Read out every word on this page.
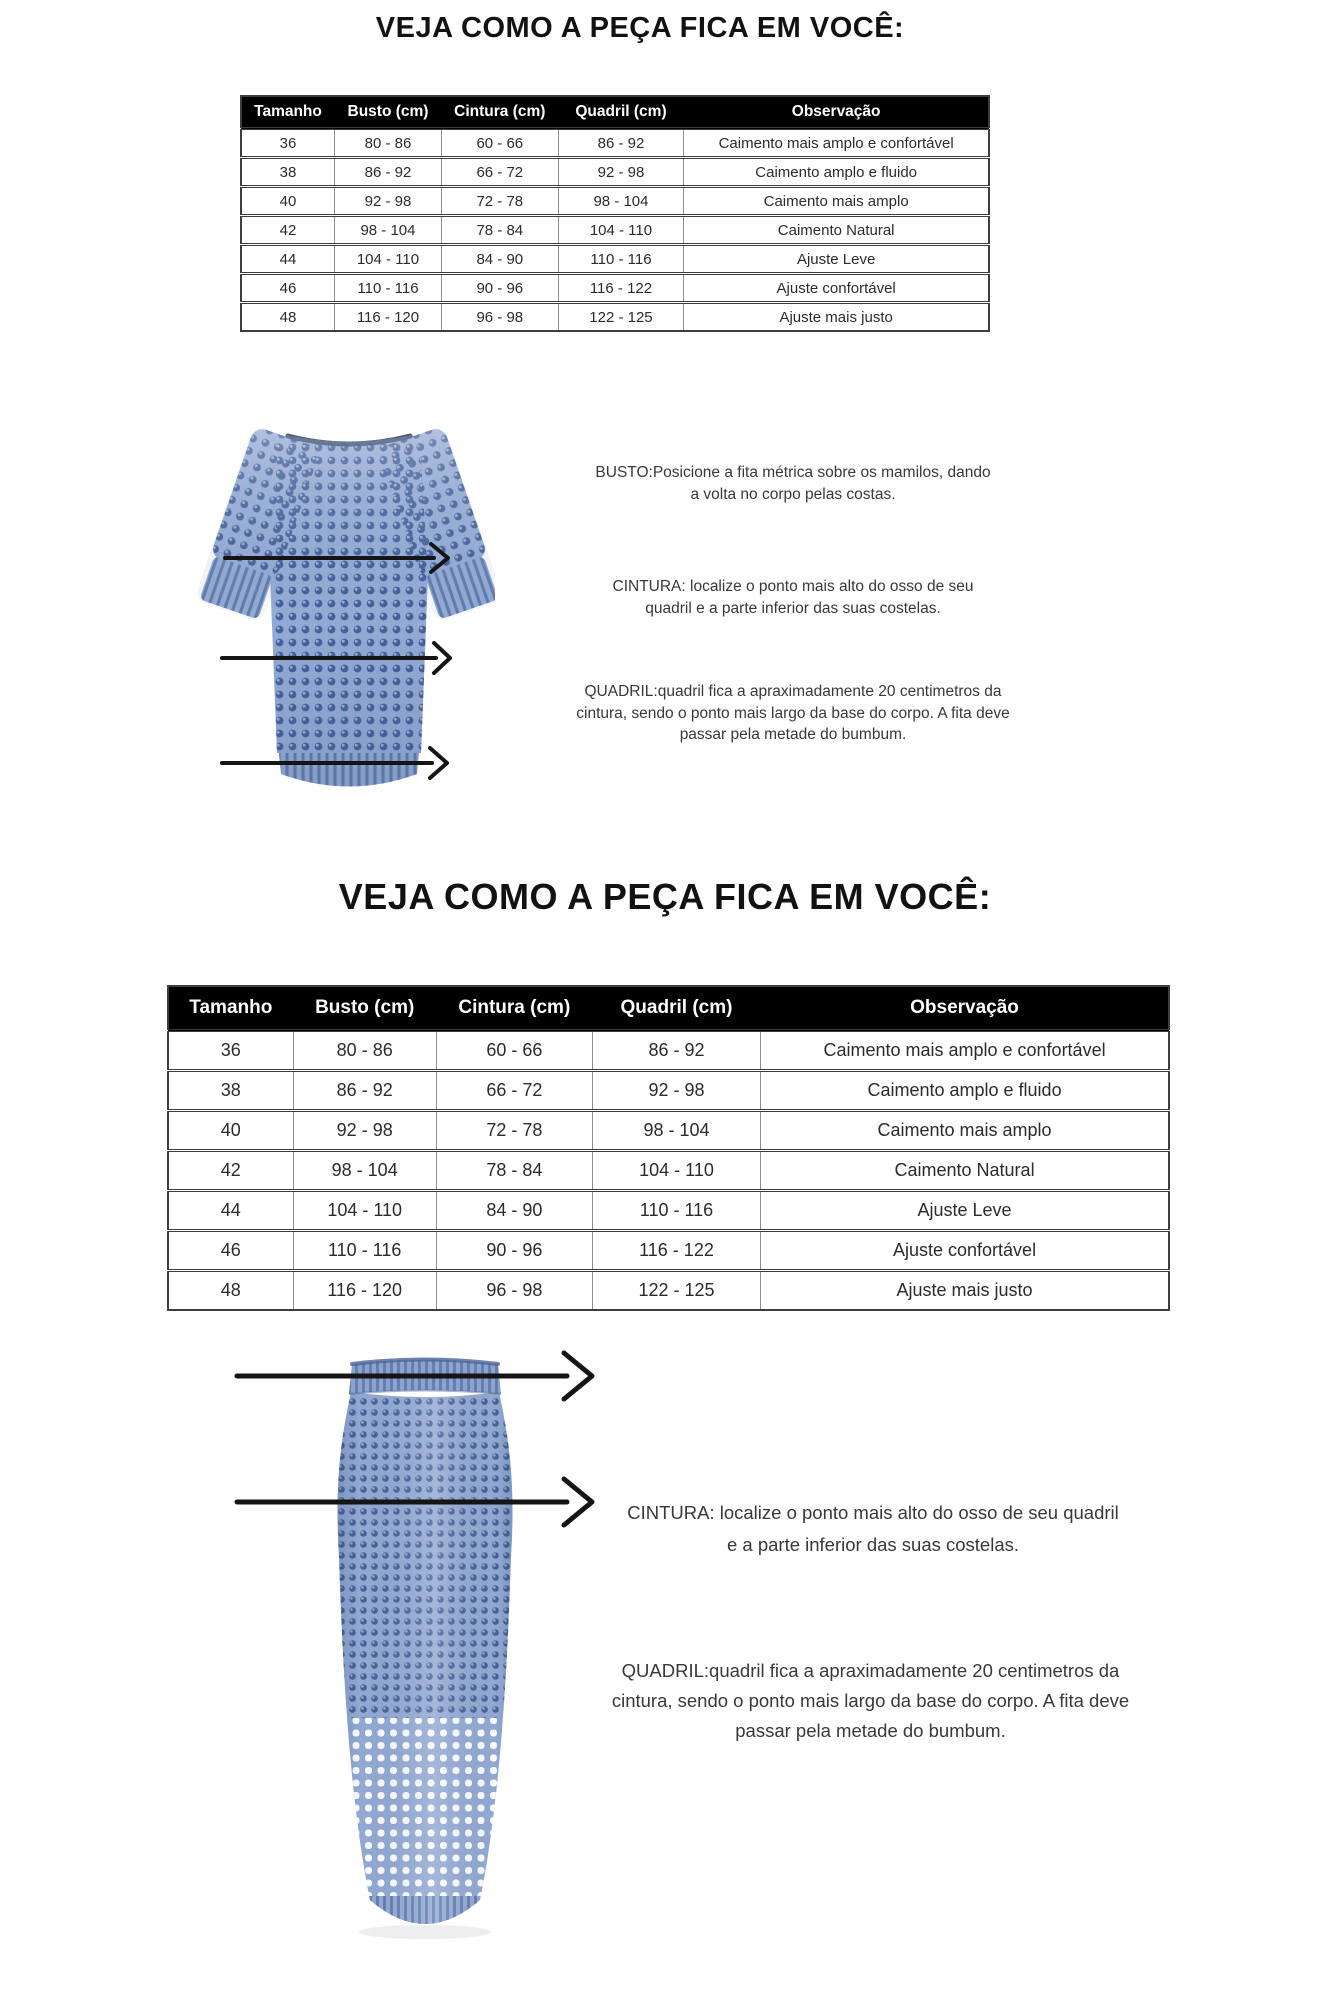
VEJA COMO A PEÇA FICA EM VOCÊ:
Tamanho	Busto (cm)	Cintura (cm)	Quadril (cm)	Observação
36	80 - 86	60 - 66	86 - 92	Caimento mais amplo e confortável
38	86 - 92	66 - 72	92 - 98	Caimento amplo e fluido
40	92 - 98	72 - 78	98 - 104	Caimento mais amplo
42	98 - 104	78 - 84	104 - 110	Caimento Natural
44	104 - 110	84 - 90	110 - 116	Ajuste Leve
46	110 - 116	90 - 96	116 - 122	Ajuste confortável
48	116 - 120	96 - 98	122 - 125	Ajuste mais justo
BUSTO:Posicione a fita métrica sobre os mamilos, dando a volta no corpo pelas costas.
CINTURA: localize o ponto mais alto do osso de seu quadril e a parte inferior das suas costelas.
QUADRIL:quadril fica a apraximadamente 20 centimetros da cintura, sendo o ponto mais largo da base do corpo. A fita deve passar pela metade do bumbum.
VEJA COMO A PEÇA FICA EM VOCÊ:
Tamanho	Busto (cm)	Cintura (cm)	Quadril (cm)	Observação
36	80 - 86	60 - 66	86 - 92	Caimento mais amplo e confortável
38	86 - 92	66 - 72	92 - 98	Caimento amplo e fluido
40	92 - 98	72 - 78	98 - 104	Caimento mais amplo
42	98 - 104	78 - 84	104 - 110	Caimento Natural
44	104 - 110	84 - 90	110 - 116	Ajuste Leve
46	110 - 116	90 - 96	116 - 122	Ajuste confortável
48	116 - 120	96 - 98	122 - 125	Ajuste mais justo
CINTURA: localize o ponto mais alto do osso de seu quadril e a parte inferior das suas costelas.
QUADRIL:quadril fica a apraximadamente 20 centimetros da cintura, sendo o ponto mais largo da base do corpo. A fita deve passar pela metade do bumbum.
